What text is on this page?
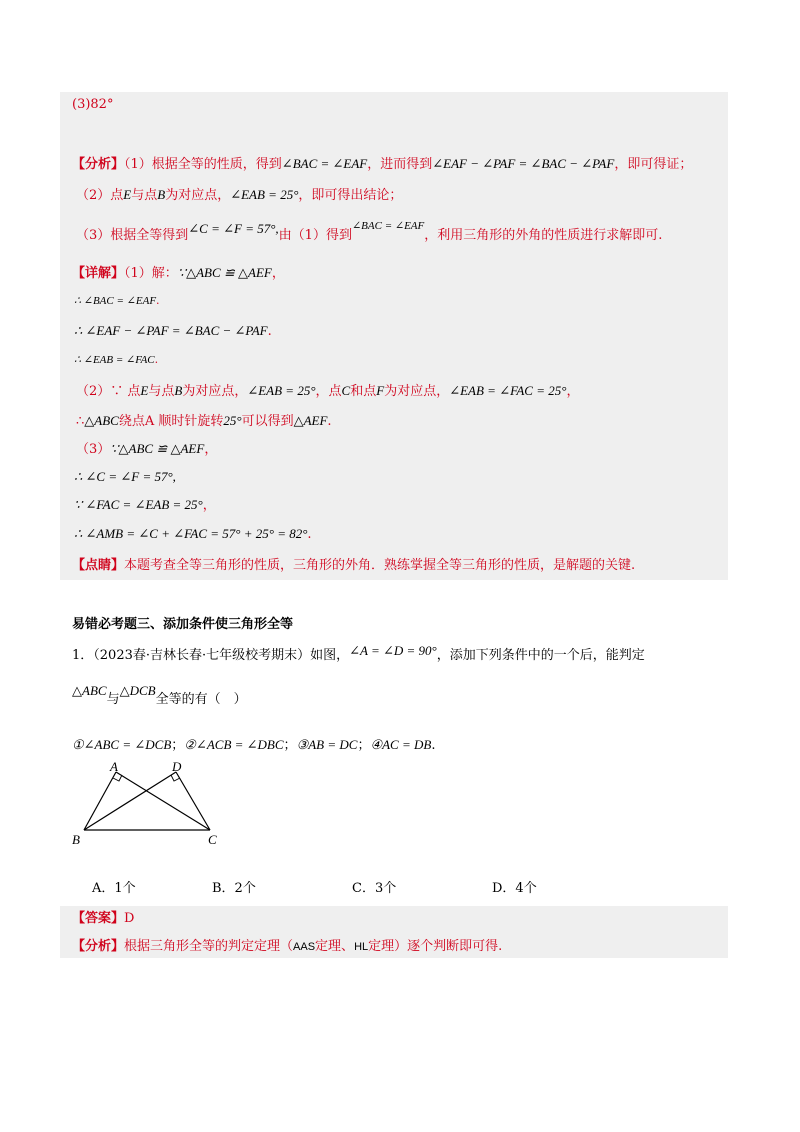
(3)82°
【分析】（1）根据全等的性质，得到∠BAC = ∠EAF，进而得到∠EAF − ∠PAF = ∠BAC − ∠PAF，即可得证；
（2）点E与点B为对应点，∠EAB = 25°，即可得出结论；
（3）根据全等得到∠C = ∠F = 57°,由（1）得到$^{\angle BAC = \angle EAF}$，利用三角形的外角的性质进行求解即可.
【详解】（1）解：∵△ABC ≌ △AEF，
∴ ∠BAC = ∠EAF.
∴ ∠EAF − ∠PAF = ∠BAC − ∠PAF.
∴ ∠EAB = ∠FAC.
（2）∵ 点E与点B为对应点，∠EAB = 25°，点C和点F为对应点，∠EAB = ∠FAC = 25°，
∴△ABC绕点A 顺时针旋转25°可以得到△AEF.
（3）∵△ABC ≌ △AEF，
∴ ∠C = ∠F = 57°,
∵ ∠FAC = ∠EAB = 25°，
∴ ∠AMB = ∠C + ∠FAC = 57° + 25° = 82°.
【点睛】本题考查全等三角形的性质，三角形的外角．熟练掌握全等三角形的性质，是解题的关键.
易错必考题三、添加条件使三角形全等
1．（2023春·吉林长春·七年级校考期末）如图，∠A = ∠D = 90°，添加下列条件中的一个后，能判定
△ABC与△DCB全等的有（　）
①∠ABC = ∠DCB；②∠ACB = ∠DBC；③AB = DC；④AC = DB.
A	D
B	C
A．1个	B．2个	C．3个	D．4个
【答案】D
【分析】根据三角形全等的判定定理（AAS定理、HL定理）逐个判断即可得.
